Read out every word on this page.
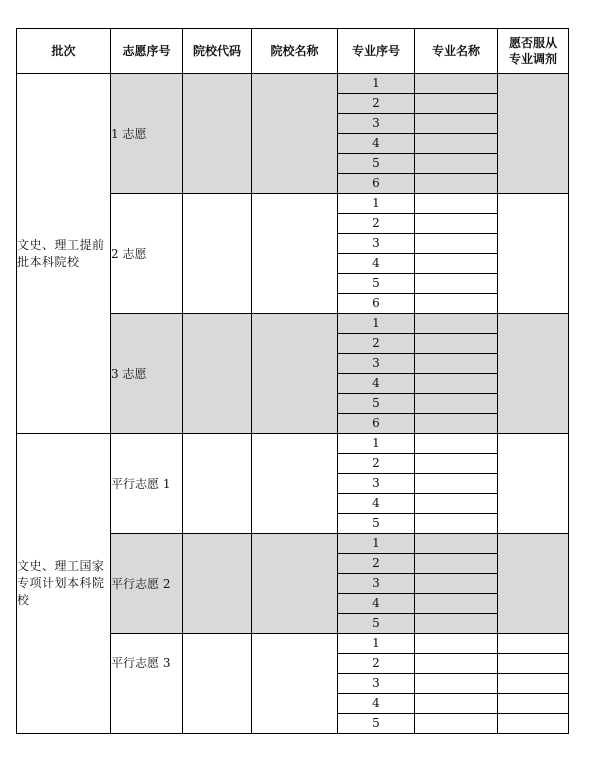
批次	志愿序号	院校代码	院校名称	专业序号	专业名称	愿否服从专业调剂
文史、理工提前批本科院校	1 志愿			1		
				2		
				3		
				4		
				5		
				6		
	2 志愿			1		
				2		
				3		
				4		
				5		
				6		
	3 志愿			1		
				2		
				3		
				4		
				5		
				6		
文史、理工国家专项计划本科院校	平行志愿 1			1		
				2		
				3		
				4		
				5		
	平行志愿 2			1		
				2		
				3		
				4		
				5		
	平行志愿 3			1		
				2		
				3		
				4		
				5		
